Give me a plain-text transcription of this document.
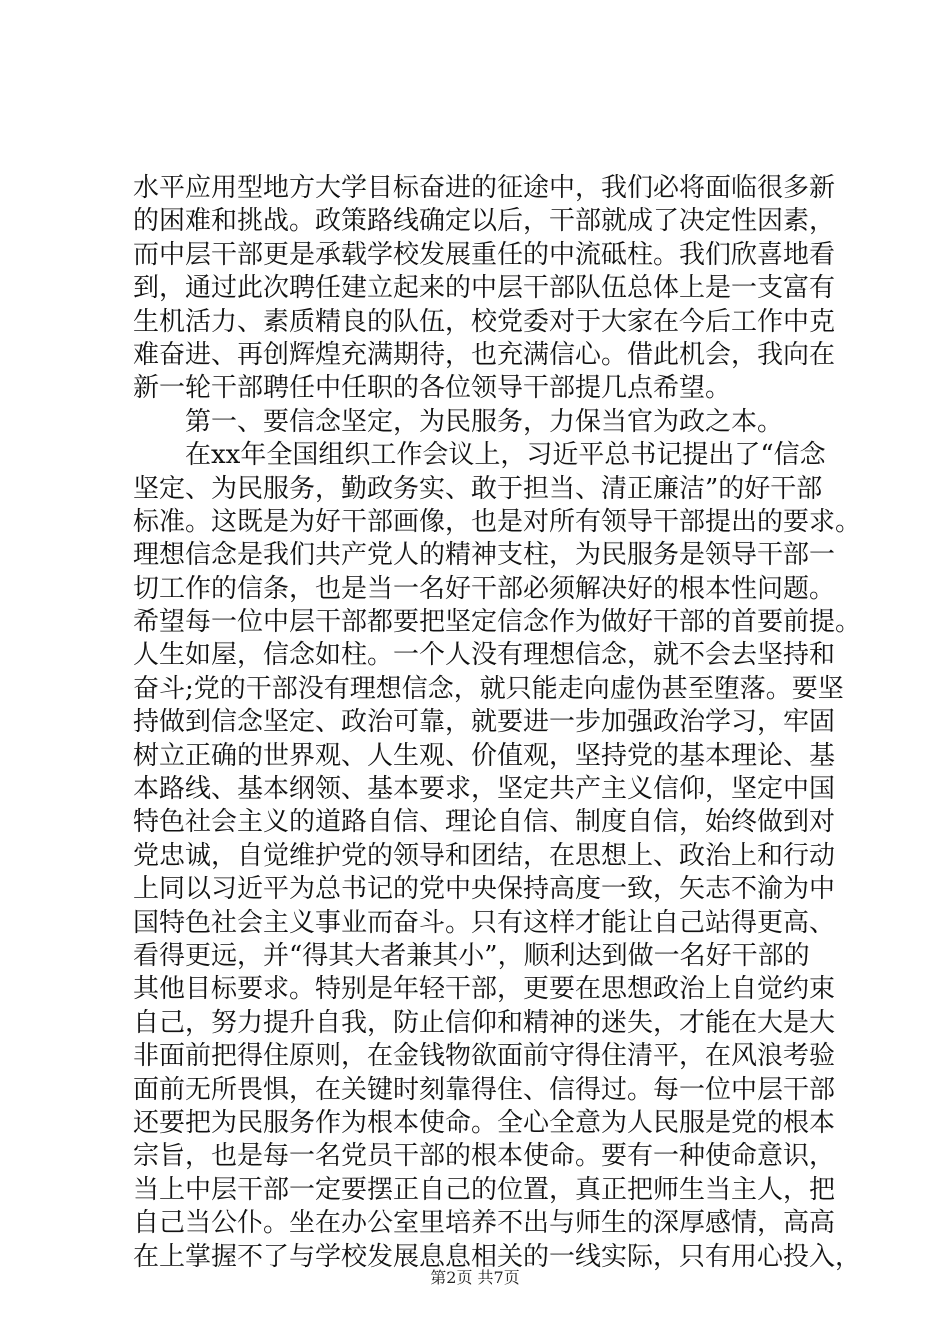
水平应用型地方大学目标奋进的征途中，我们必将面临很多新
的困难和挑战。政策路线确定以后，干部就成了决定性因素，
而中层干部更是承载学校发展重任的中流砥柱。我们欣喜地看
到，通过此次聘任建立起来的中层干部队伍总体上是一支富有
生机活力、素质精良的队伍，校党委对于大家在今后工作中克
难奋进、再创辉煌充满期待，也充满信心。借此机会，我向在
新一轮干部聘任中任职的各位领导干部提几点希望。
　　第一、要信念坚定，为民服务，力保当官为政之本。
　　在xx年全国组织工作会议上，习近平总书记提出了“信念
坚定、为民服务，勤政务实、敢于担当、清正廉洁”的好干部
标准。这既是为好干部画像，也是对所有领导干部提出的要求。
理想信念是我们共产党人的精神支柱，为民服务是领导干部一
切工作的信条，也是当一名好干部必须解决好的根本性问题。
希望每一位中层干部都要把坚定信念作为做好干部的首要前提。
人生如屋，信念如柱。一个人没有理想信念，就不会去坚持和
奋斗;党的干部没有理想信念，就只能走向虚伪甚至堕落。要坚
持做到信念坚定、政治可靠，就要进一步加强政治学习，牢固
树立正确的世界观、人生观、价值观，坚持党的基本理论、基
本路线、基本纲领、基本要求，坚定共产主义信仰，坚定中国
特色社会主义的道路自信、理论自信、制度自信，始终做到对
党忠诚，自觉维护党的领导和团结，在思想上、政治上和行动
上同以习近平为总书记的党中央保持高度一致，矢志不渝为中
国特色社会主义事业而奋斗。只有这样才能让自己站得更高、
看得更远，并“得其大者兼其小”，顺利达到做一名好干部的
其他目标要求。特别是年轻干部，更要在思想政治上自觉约束
自己，努力提升自我，防止信仰和精神的迷失，才能在大是大
非面前把得住原则，在金钱物欲面前守得住清平，在风浪考验
面前无所畏惧，在关键时刻靠得住、信得过。每一位中层干部
还要把为民服务作为根本使命。全心全意为人民服是党的根本
宗旨，也是每一名党员干部的根本使命。要有一种使命意识，
当上中层干部一定要摆正自己的位置，真正把师生当主人，把
自己当公仆。坐在办公室里培养不出与师生的深厚感情，高高
在上掌握不了与学校发展息息相关的一线实际，只有用心投入，
第2页 共7页
